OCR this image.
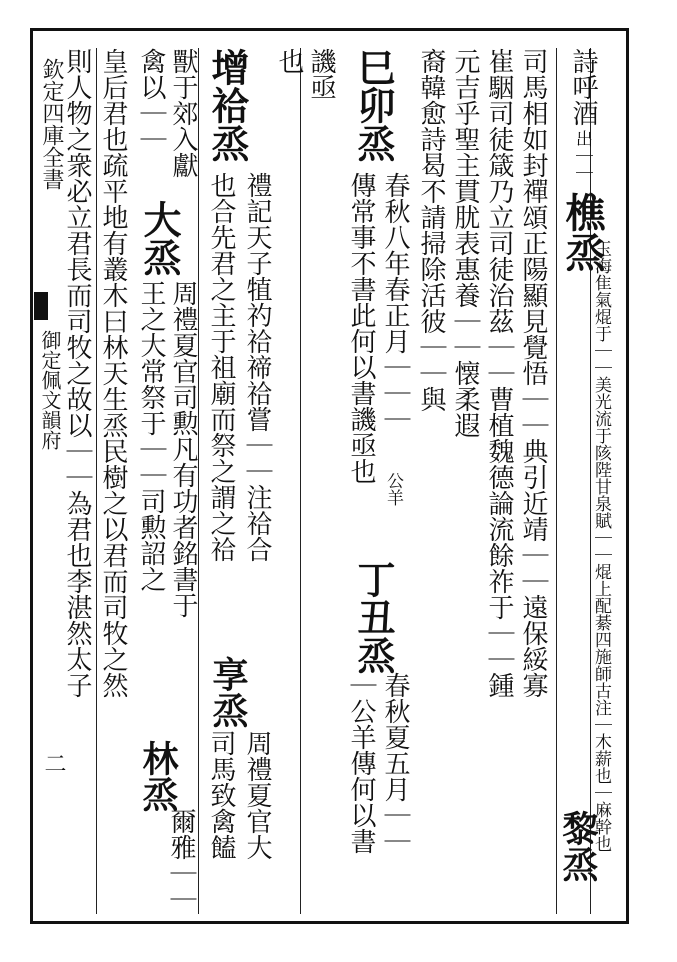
欽定四庫全書
御定佩文韻府
二
詩呼酒
出｜｜ 樵烝
玉海隹氣焜于｜｜美光流于陔陛甘泉賦｜｜焜上配綦四施師古注｜木薪也｜麻幹也
黎烝
司馬相如封禪頌正陽顯見覺悟｜｜典引近靖｜｜遠保綏寡
崔駰司徒箴乃立司徒治茲｜｜曹植魏德論流餘祚于｜｜鍾
元吉乎聖主貫肬表惠養｜｜懐柔遐
裔韓愈詩曷不請掃除活彼｜｜與
巳卯烝
春秋八年春正月｜｜｜
公羊
丁丑烝
春秋夏五月｜｜
傳常事不書此何以書譏亟也
｜公羊傳何以書
譏亟
也
增祫烝
禮記天子犆礿祫禘祫嘗｜｜注祫合
享烝
周禮夏官大
也合先君之主于祖廟而祭之謂之祫
司馬致禽饁
獸于郊入獻
大烝
周禮夏官司勲凡有功者銘書于
禽以｜｜
王之大常祭于｜｜司勲詔之
林烝
爾雅｜｜
皇后君也疏平地有叢木曰林天生烝民樹之以君而司牧之然
則人物之衆必立君長而司牧之故以｜｜為君也李湛然太子
